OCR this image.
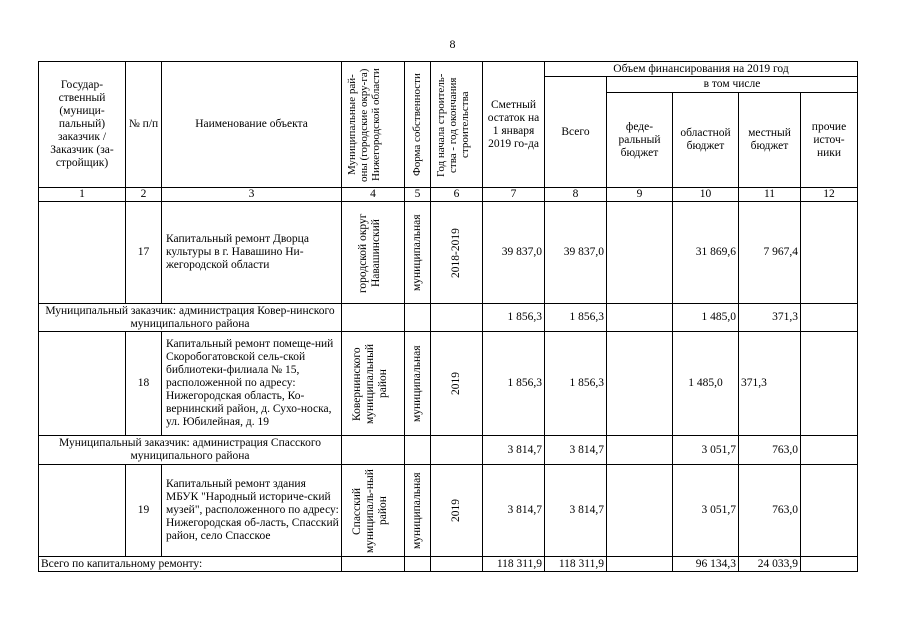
8
Государ-ственный (муници-пальный) заказчик / Заказчик (за-стройщик)	№ п/п	Наименование объекта	Муниципальные рай-оны (городские окру-га) Нижегородской области	Форма собственности	Год начала строитель-ства - год окончания строительства	Сметный остаток на 1 января 2019 го-да	Объем финансирования на 2019 год				
							Всего	в том числе			
								феде-ральный бюджет	областной бюджет	местный бюджет	прочие источ-ники
1	2	3	4	5	6	7	8	9	10	11	12
	17	Капитальный ремонт Дворца культуры в г. Навашино Ни-жегородской области	городской округ Навашинский	муниципальная	2018-2019	39 837,0	39 837,0		31 869,6	7 967,4	
Муниципальный заказчик: администрация Ковер-нинского муниципального района						1 856,3	1 856,3		1 485,0	371,3	
	18	Капитальный ремонт помеще-ний Скоробогатовской сель-ской библиотеки-филиала № 15, расположенной по адресу: Нижегородская область, Ко-вернинский район, д. Сухо-носка, ул. Юбилейная, д. 19	Ковернинского муниципальный район	муниципальная	2019	1 856,3	1 856,3		1 485,0	371,3	
Муниципальный заказчик: администрация Спасского муниципального района						3 814,7	3 814,7		3 051,7	763,0	
	19	Капитальный ремонт здания МБУК "Народный историче-ский музей", расположенного по адресу: Нижегородская об-ласть, Спасский район, село Спасское	Спасский муниципаль-ный район	муниципальная	2019	3 814,7	3 814,7		3 051,7	763,0	
Всего по капитальному ремонту:						118 311,9	118 311,9		96 134,3	24 033,9	
